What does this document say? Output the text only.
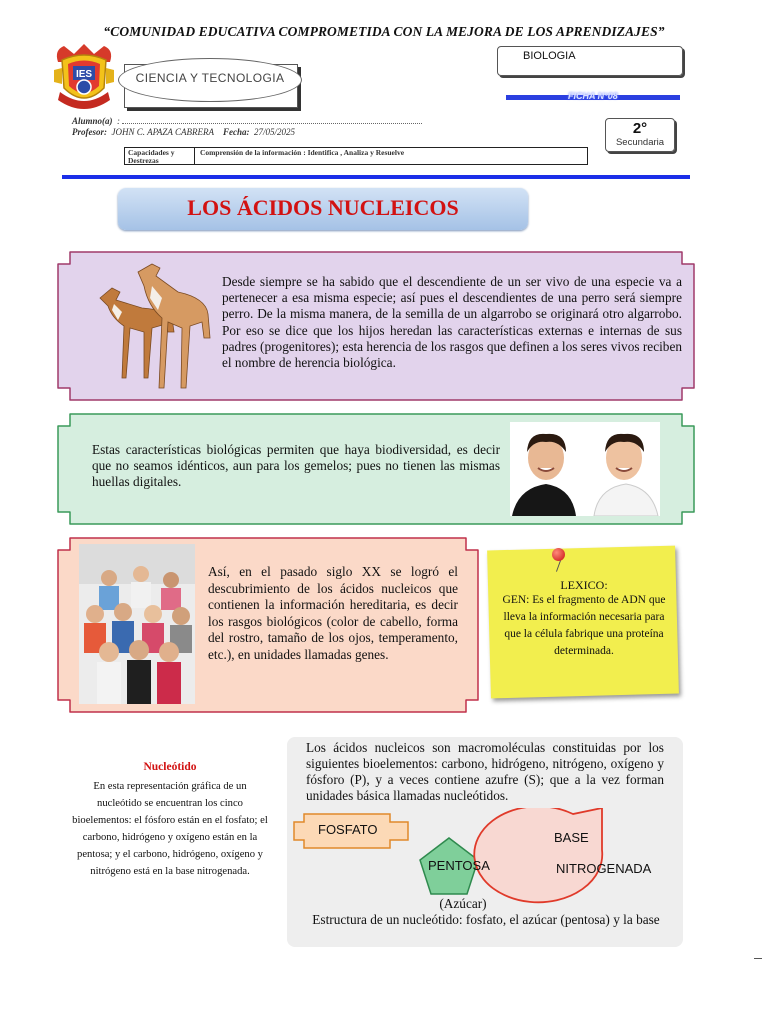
“COMUNIDAD EDUCATIVA COMPROMETIDA CON LA MEJORA DE LOS APRENDIZAJES”
IES	CIENCIA Y TECNOLOGIA
BIOLOGIA
FICHA N°08
Alumno(a) :
Profesor: JOHN C. APAZA CABRERA Fecha: 27/05/2025	2°
Secundaria
Capacidades y Destrezas
Comprensión de la información : Identifica , Analiza y Resuelve
LOS ÁCIDOS NUCLEICOS
Desde siempre se ha sabido que el descendiente de un ser vivo de una especie va a pertenecer a esa misma especie; así pues el descendientes de una perro será siempre perro. De la misma manera, de la semilla de un algarrobo se originará otro algarrobo. Por eso se dice que los hijos heredan las características externas e internas de sus padres (progenitores); esta herencia de los rasgos que definen a los seres vivos reciben el nombre de herencia biológica.
Estas características biológicas permiten que haya biodiversidad, es decir que no seamos idénticos, aun para los gemelos; pues no tienen las mismas huellas digitales.
Así, en el pasado siglo XX se logró el descubrimiento de los ácidos nucleicos que contienen la información hereditaria, es decir los rasgos biológicos (color de cabello, forma del rostro, tamaño de los ojos, temperamento, etc.), en unidades llamadas genes.
LEXICO:
GEN: Es el fragmento de ADN que lleva la información necesaria para que la célula fabrique una proteína determinada.
Nucleótido
En esta representación gráfica de un nucleótido se encuentran los cinco bioelementos: el fósforo están en el fosfato; el carbono, hidrógeno y oxígeno están en la pentosa; y el carbono, hidrógeno, oxígeno y nitrógeno está en la base nitrogenada.
Los ácidos nucleicos son macromoléculas constituidas por los siguientes bioelementos: carbono, hidrógeno, nitrógeno, oxígeno y fósforo (P), y a veces contiene azufre (S); que a la vez forman unidades básica llamadas nucleótidos.
FOSFATO
PENTOSA
BASE
NITROGENADA
(Azúcar)
Estructura de un nucleótido: fosfato, el azúcar (pentosa) y la base
